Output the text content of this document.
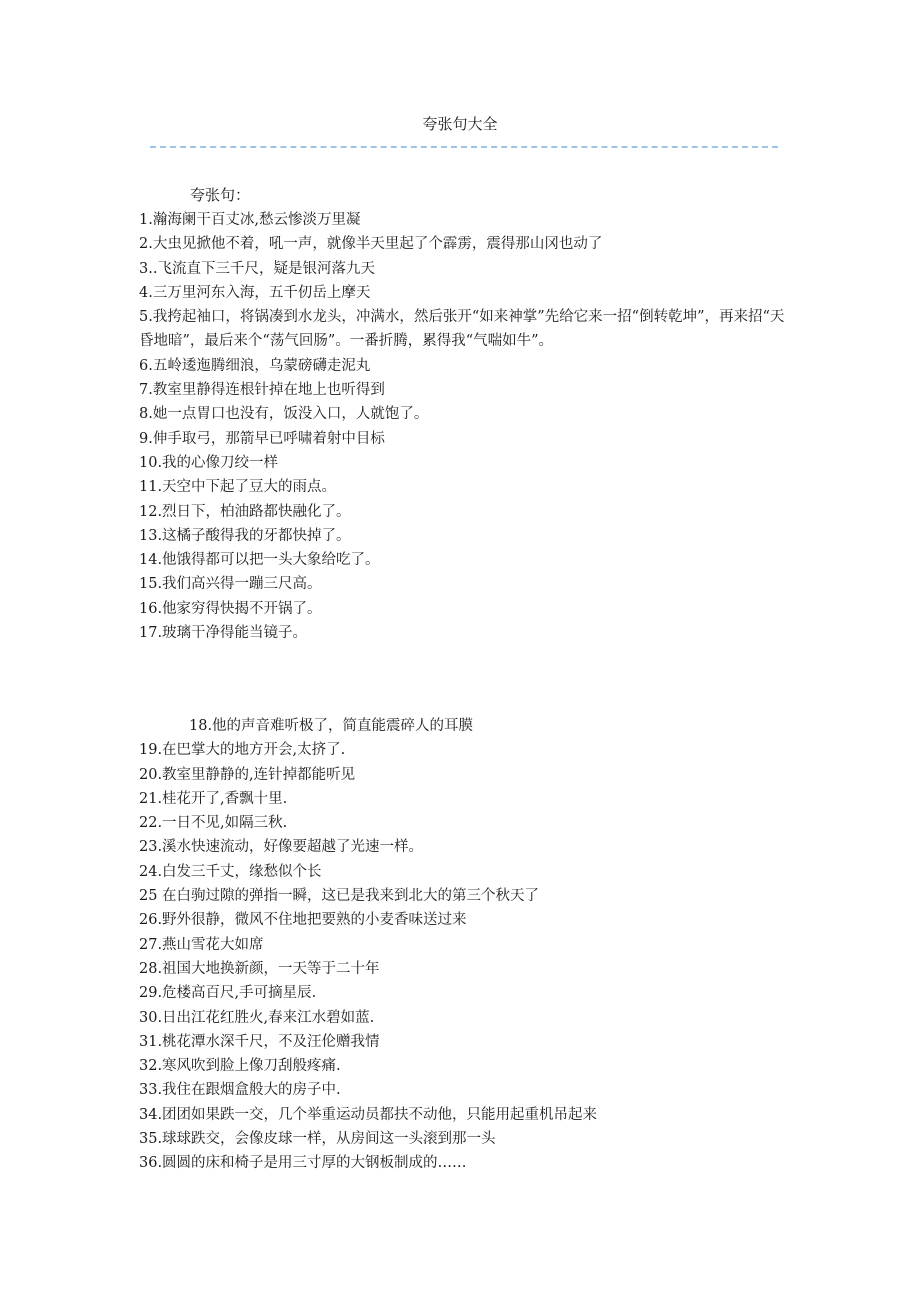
夸张句大全
夸张句：
1.瀚海阑干百丈冰,愁云惨淡万里凝
2.大虫见掀他不着，吼一声，就像半天里起了个霹雳，震得那山冈也动了
3..飞流直下三千尺，疑是银河落九天
4.三万里河东入海，五千仞岳上摩天
5.我挎起袖口，将锅凑到水龙头，冲满水，然后张开“如来神掌”先给它来一招“倒转乾坤”，再来招“天昏地暗”，最后来个“荡气回肠”。一番折腾，累得我“气喘如牛”。
6.五岭逶迤腾细浪，乌蒙磅礴走泥丸
7.教室里静得连根针掉在地上也听得到
8.她一点胃口也没有，饭没入口，人就饱了。
9.伸手取弓，那箭早已呼啸着射中目标
10.我的心像刀绞一样
11.天空中下起了豆大的雨点。
12.烈日下，柏油路都快融化了。
13.这橘子酸得我的牙都快掉了。
14.他饿得都可以把一头大象给吃了。
15.我们高兴得一蹦三尺高。
16.他家穷得快揭不开锅了。
17.玻璃干净得能当镜子。
18.他的声音难听极了，简直能震碎人的耳膜
19.在巴掌大的地方开会,太挤了.
20.教室里静静的,连针掉都能听见
21.桂花开了,香飘十里.
22.一日不见,如隔三秋.
23.溪水快速流动，好像要超越了光速一样。
24.白发三千丈，缘愁似个长
25 在白驹过隙的弹指一瞬，这已是我来到北大的第三个秋天了
26.野外很静，微风不住地把要熟的小麦香味送过来
27.燕山雪花大如席
28.祖国大地换新颜，一天等于二十年
29.危楼高百尺,手可摘星辰.
30.日出江花红胜火,春来江水碧如蓝.
31.桃花潭水深千尺，不及汪伦赠我情
32.寒风吹到脸上像刀刮般疼痛.
33.我住在跟烟盒般大的房子中.
34.团团如果跌一交，几个举重运动员都扶不动他，只能用起重机吊起来
35.球球跌交，会像皮球一样，从房间这一头滚到那一头
36.圆圆的床和椅子是用三寸厚的大钢板制成的……
